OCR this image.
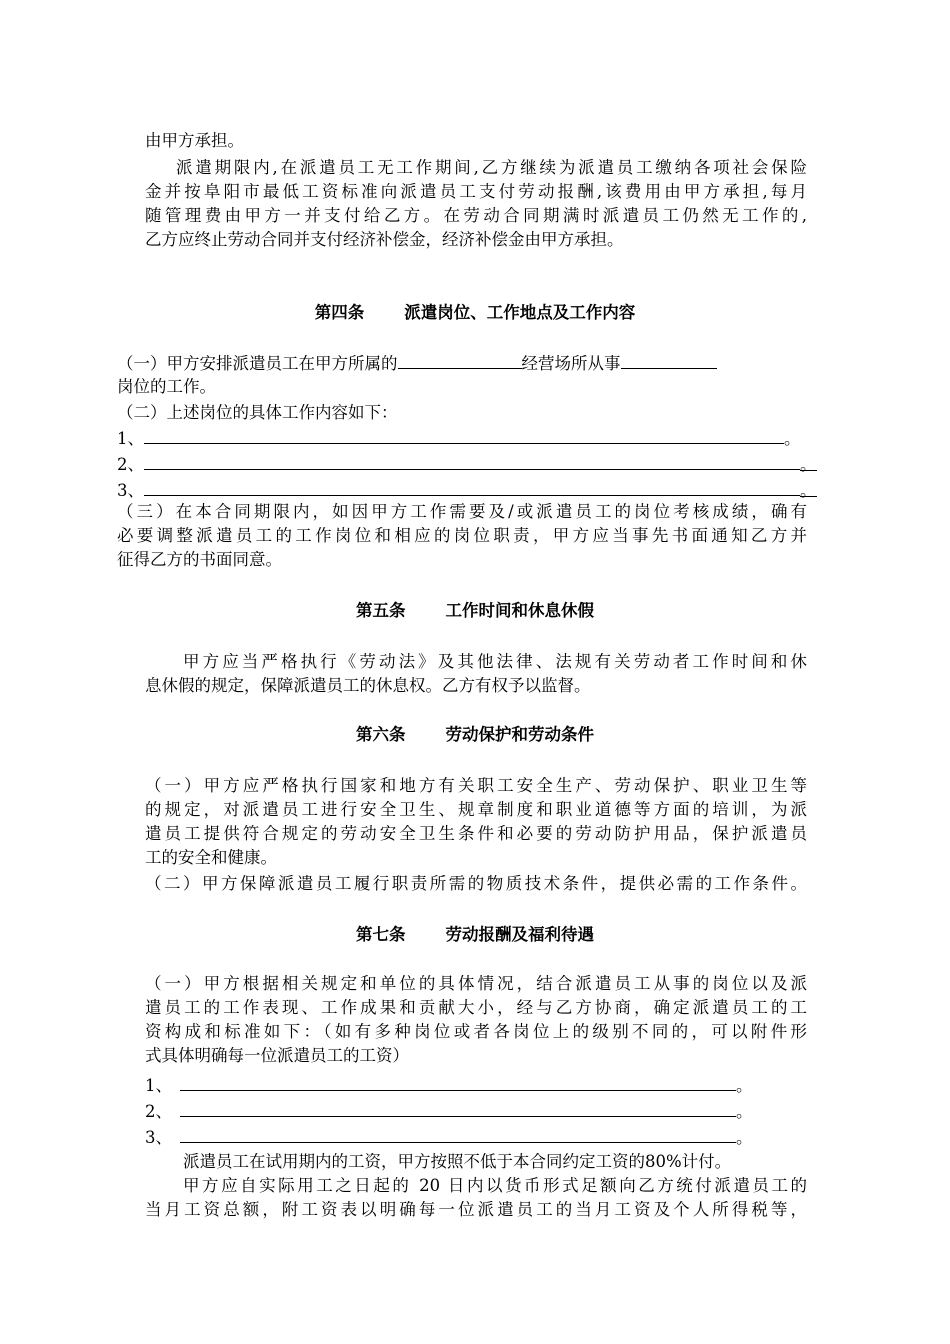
由甲方承担。
派遣期限内,在派遣员工无工作期间,乙方继续为派遣员工缴纳各项社会保险
金并按阜阳市最低工资标准向派遣员工支付劳动报酬,该费用由甲方承担,每月
随管理费由甲方一并支付给乙方。在劳动合同期满时派遣员工仍然无工作的,
乙方应终止劳动合同并支付经济补偿金，经济补偿金由甲方承担。
第四条 派遣岗位、工作地点及工作内容
（一）甲方安排派遣员工在甲方所属的	经营场所从事
岗位的工作。
（二）上述岗位的具体工作内容如下：
1、	。
2、	。
3、	。
（三）在本合同期限内，如因甲方工作需要及/或派遣员工的岗位考核成绩，确有
必要调整派遣员工的工作岗位和相应的岗位职责，甲方应当事先书面通知乙方并
征得乙方的书面同意。
第五条 工作时间和休息休假
甲方应当严格执行《劳动法》及其他法律、法规有关劳动者工作时间和休
息休假的规定，保障派遣员工的休息权。乙方有权予以监督。
第六条 劳动保护和劳动条件
（一）甲方应严格执行国家和地方有关职工安全生产、劳动保护、职业卫生等
的规定，对派遣员工进行安全卫生、规章制度和职业道德等方面的培训，为派
遣员工提供符合规定的劳动安全卫生条件和必要的劳动防护用品，保护派遣员
工的安全和健康。
（二）甲方保障派遣员工履行职责所需的物质技术条件，提供必需的工作条件。
第七条 劳动报酬及福利待遇
（一）甲方根据相关规定和单位的具体情况，结合派遣员工从事的岗位以及派
遣员工的工作表现、工作成果和贡献大小，经与乙方协商，确定派遣员工的工
资构成和标准如下：（如有多种岗位或者各岗位上的级别不同的，可以附件形
式具体明确每一位派遣员工的工资）
1、	。
2、	。
3、	。
派遣员工在试用期内的工资，甲方按照不低于本合同约定工资的80%计付。
甲方应自实际用工之日起的 20 日内以货币形式足额向乙方统付派遣员工的
当月工资总额，附工资表以明确每一位派遣员工的当月工资及个人所得税等，
